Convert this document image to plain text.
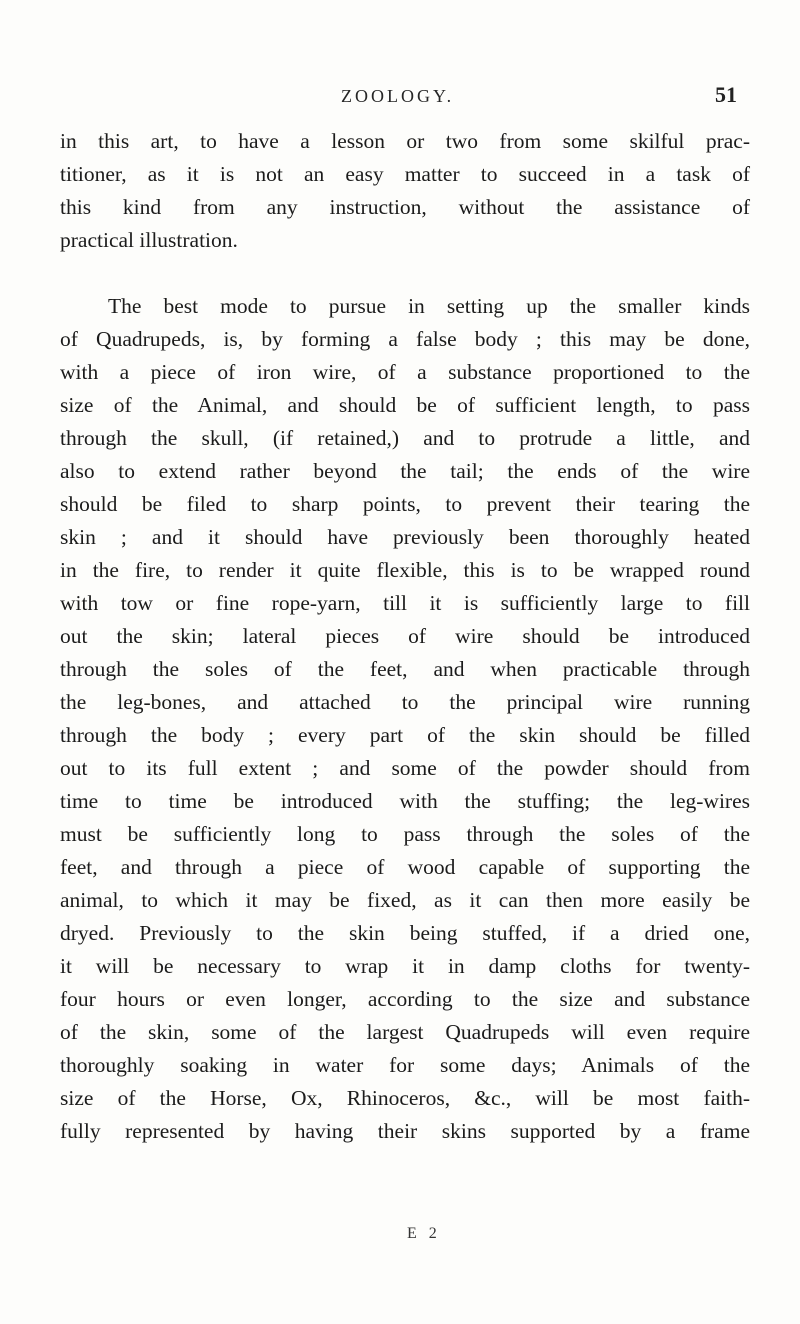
ZOOLOGY.	51
in this art, to have a lesson or two from some skilful prac-
titioner, as it is not an easy matter to succeed in a task of
this kind from any instruction, without the assistance of
practical illustration.
The best mode to pursue in setting up the smaller kinds
of Quadrupeds, is, by forming a false body ; this may be done,
with a piece of iron wire, of a substance proportioned to the
size of the Animal, and should be of sufficient length, to pass
through the skull, (if retained,) and to protrude a little, and
also to extend rather beyond the tail; the ends of the wire
should be filed to sharp points, to prevent their tearing the
skin ; and it should have previously been thoroughly heated
in the fire, to render it quite flexible, this is to be wrapped round
with tow or fine rope-yarn, till it is sufficiently large to fill
out the skin; lateral pieces of wire should be introduced
through the soles of the feet, and when practicable through
the leg-bones, and attached to the principal wire running
through the body ; every part of the skin should be filled
out to its full extent ; and some of the powder should from
time to time be introduced with the stuffing; the leg-wires
must be sufficiently long to pass through the soles of the
feet, and through a piece of wood capable of supporting the
animal, to which it may be fixed, as it can then more easily be
dryed. Previously to the skin being stuffed, if a dried one,
it will be necessary to wrap it in damp cloths for twenty-
four hours or even longer, according to the size and substance
of the skin, some of the largest Quadrupeds will even require
thoroughly soaking in water for some days; Animals of the
size of the Horse, Ox, Rhinoceros, &c., will be most faith-
fully represented by having their skins supported by a frame
E 2
